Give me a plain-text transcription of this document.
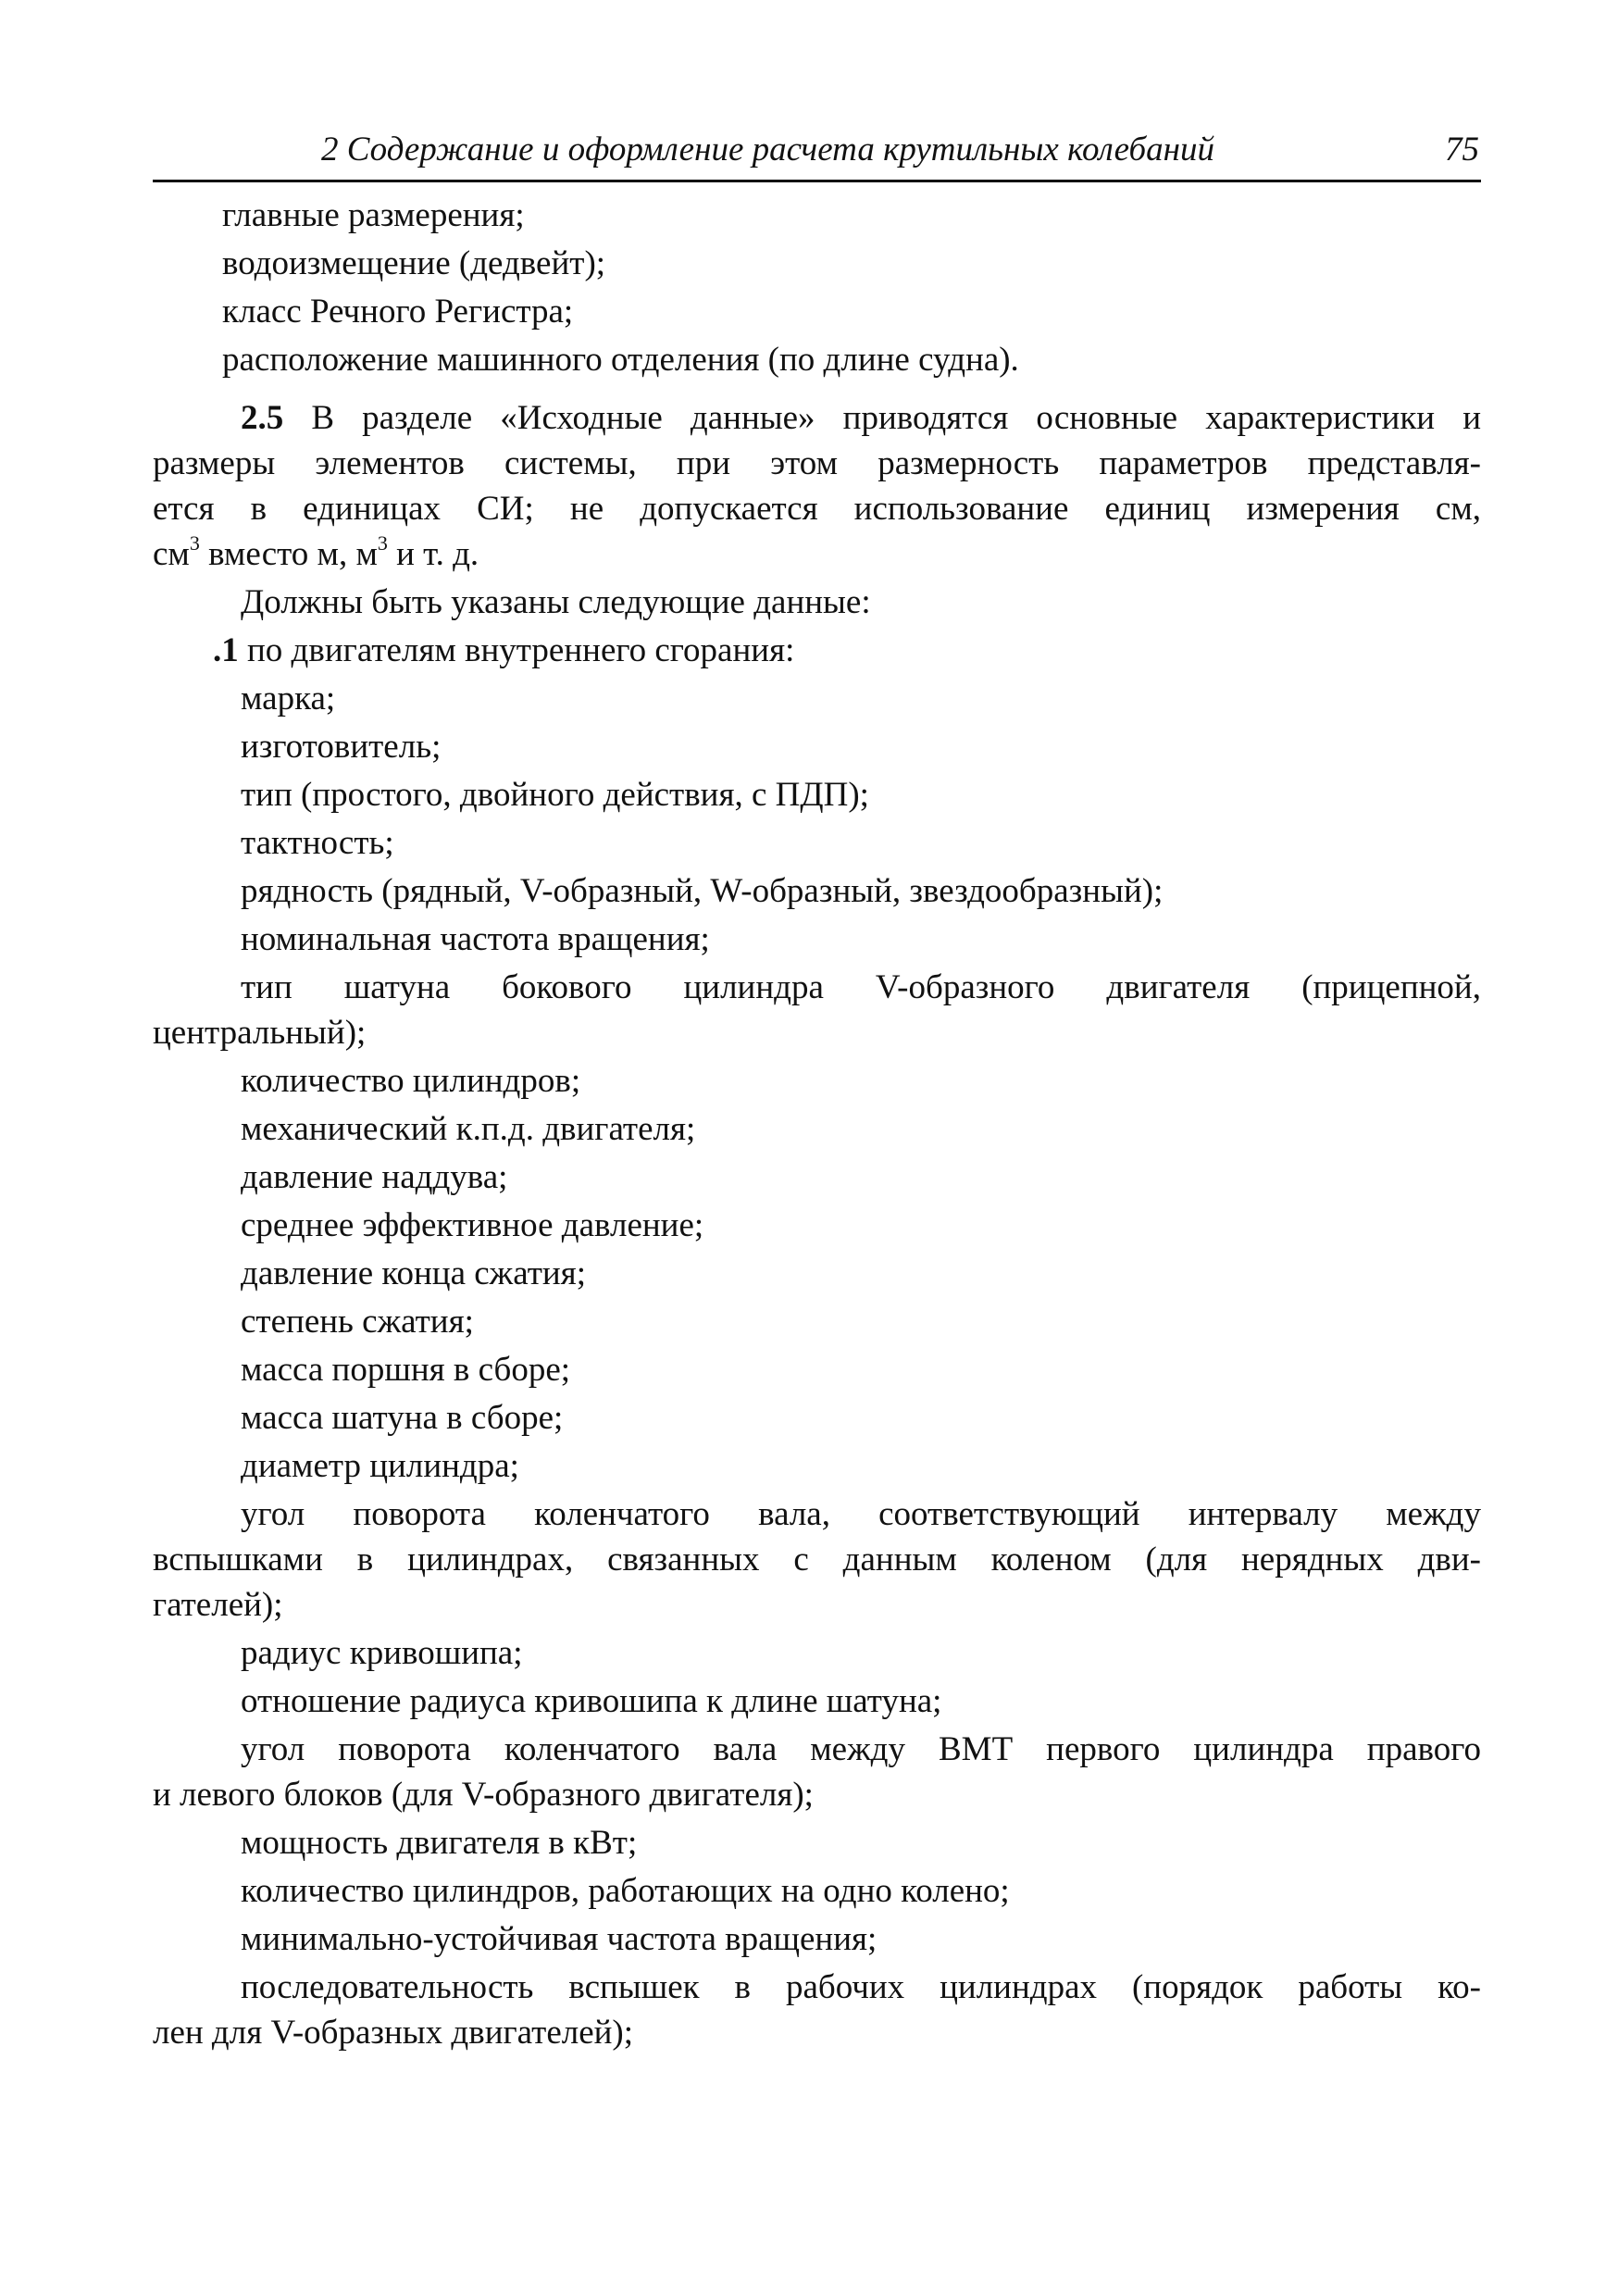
2 Содержание и оформление расчета крутильных колебаний	75
главные размерения;
водоизмещение (дедвейт);
класс Речного Регистра;
расположение машинного отделения (по длине судна).
2.5 В разделе «Исходные данные» приводятся основные характеристики и
размеры элементов системы, при этом размерность параметров представля-
ется в единицах СИ; не допускается использование единиц измерения см,
$см^3$ вместо м, $м^3$ и т. д.
Должны быть указаны следующие данные:
.1 по двигателям внутреннего сгорания:
марка;
изготовитель;
тип (простого, двойного действия, с ПДП);
тактность;
рядность (рядный, V-образный, W-образный, звездообразный);
номинальная частота вращения;
тип шатуна бокового цилиндра V-образного двигателя (прицепной,
центральный);
количество цилиндров;
механический к.п.д. двигателя;
давление наддува;
среднее эффективное давление;
давление конца сжатия;
степень сжатия;
масса поршня в сборе;
масса шатуна в сборе;
диаметр цилиндра;
угол поворота коленчатого вала, соответствующий интервалу между
вспышками в цилиндрах, связанных с данным коленом (для нерядных дви-
гателей);
радиус кривошипа;
отношение радиуса кривошипа к длине шатуна;
угол поворота коленчатого вала между ВМТ первого цилиндра правого
и левого блоков (для V-образного двигателя);
мощность двигателя в кВт;
количество цилиндров, работающих на одно колено;
минимально-устойчивая частота вращения;
последовательность вспышек в рабочих цилиндрах (порядок работы ко-
лен для V-образных двигателей);
